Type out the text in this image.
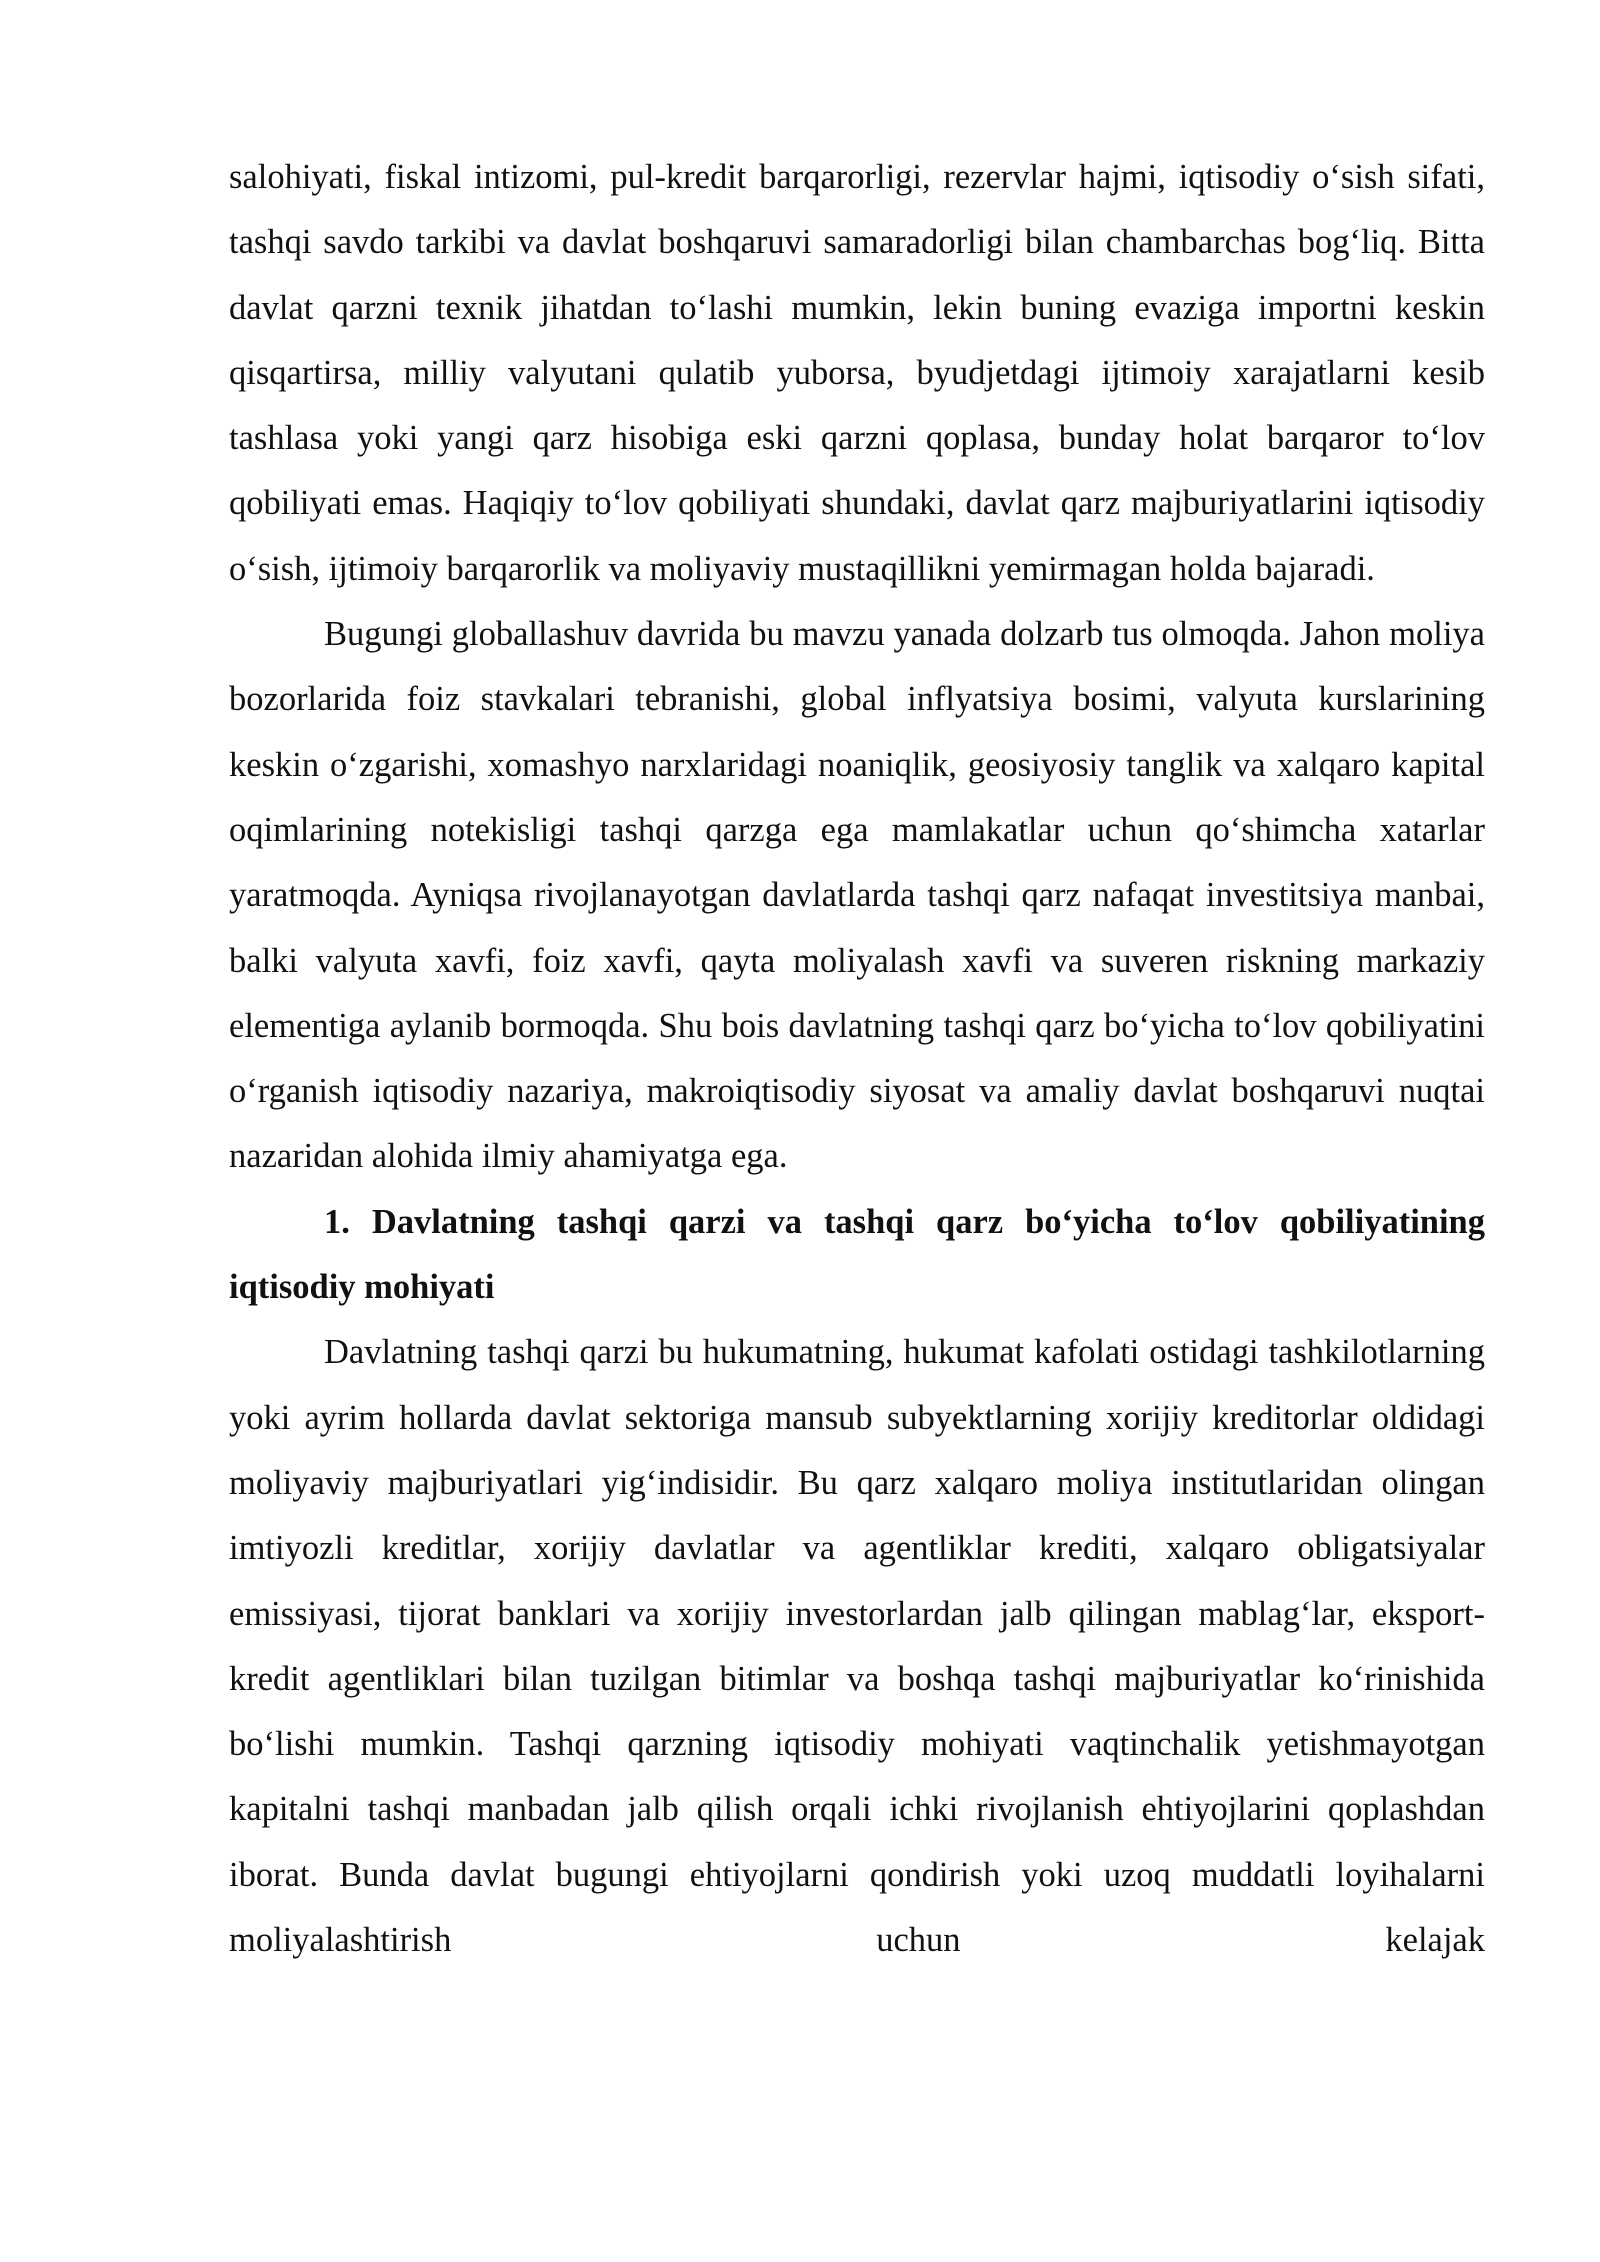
salohiyati, fiskal intizomi, pul-kredit barqarorligi, rezervlar hajmi, iqtisodiy o‘sish sifati, tashqi savdo tarkibi va davlat boshqaruvi samaradorligi bilan chambarchas bog‘liq. Bitta davlat qarzni texnik jihatdan to‘lashi mumkin, lekin buning evaziga importni keskin qisqartirsa, milliy valyutani qulatib yuborsa, byudjetdagi ijtimoiy xarajatlarni kesib tashlasa yoki yangi qarz hisobiga eski qarzni qoplasa, bunday holat barqaror to‘lov qobiliyati emas. Haqiqiy to‘lov qobiliyati shundaki, davlat qarz majburiyatlarini iqtisodiy o‘sish, ijtimoiy barqarorlik va moliyaviy mustaqillikni yemirmagan holda bajaradi.

Bugungi globallashuv davrida bu mavzu yanada dolzarb tus olmoqda. Jahon moliya bozorlarida foiz stavkalari tebranishi, global inflyatsiya bosimi, valyuta kurslarining keskin o‘zgarishi, xomashyo narxlaridagi noaniqlik, geosiyosiy tanglik va xalqaro kapital oqimlarining notekisligi tashqi qarzga ega mamlakatlar uchun qo‘shimcha xatarlar yaratmoqda. Ayniqsa rivojlanayotgan davlatlarda tashqi qarz nafaqat investitsiya manbai, balki valyuta xavfi, foiz xavfi, qayta moliyalash xavfi va suveren riskning markaziy elementiga aylanib bormoqda. Shu bois davlatning tashqi qarz bo‘yicha to‘lov qobiliyatini o‘rganish iqtisodiy nazariya, makroiqtisodiy siyosat va amaliy davlat boshqaruvi nuqtai nazaridan alohida ilmiy ahamiyatga ega.

1. Davlatning tashqi qarzi va tashqi qarz bo‘yicha to‘lov qobiliyatining iqtisodiy mohiyati

Davlatning tashqi qarzi bu hukumatning, hukumat kafolati ostidagi tashkilotlarning yoki ayrim hollarda davlat sektoriga mansub subyektlarning xorijiy kreditorlar oldidagi moliyaviy majburiyatlari yig‘indisidir. Bu qarz xalqaro moliya institutlaridan olingan imtiyozli kreditlar, xorijiy davlatlar va agentliklar krediti, xalqaro obligatsiyalar emissiyasi, tijorat banklari va xorijiy investorlardan jalb qilingan mablag‘lar, eksport-kredit agentliklari bilan tuzilgan bitimlar va boshqa tashqi majburiyatlar ko‘rinishida bo‘lishi mumkin. Tashqi qarzning iqtisodiy mohiyati vaqtinchalik yetishmayotgan kapitalni tashqi manbadan jalb qilish orqali ichki rivojlanish ehtiyojlarini qoplashdan iborat. Bunda davlat bugungi ehtiyojlarni qondirish yoki uzoq muddatli loyihalarni moliyalashtirish uchun kelajak
